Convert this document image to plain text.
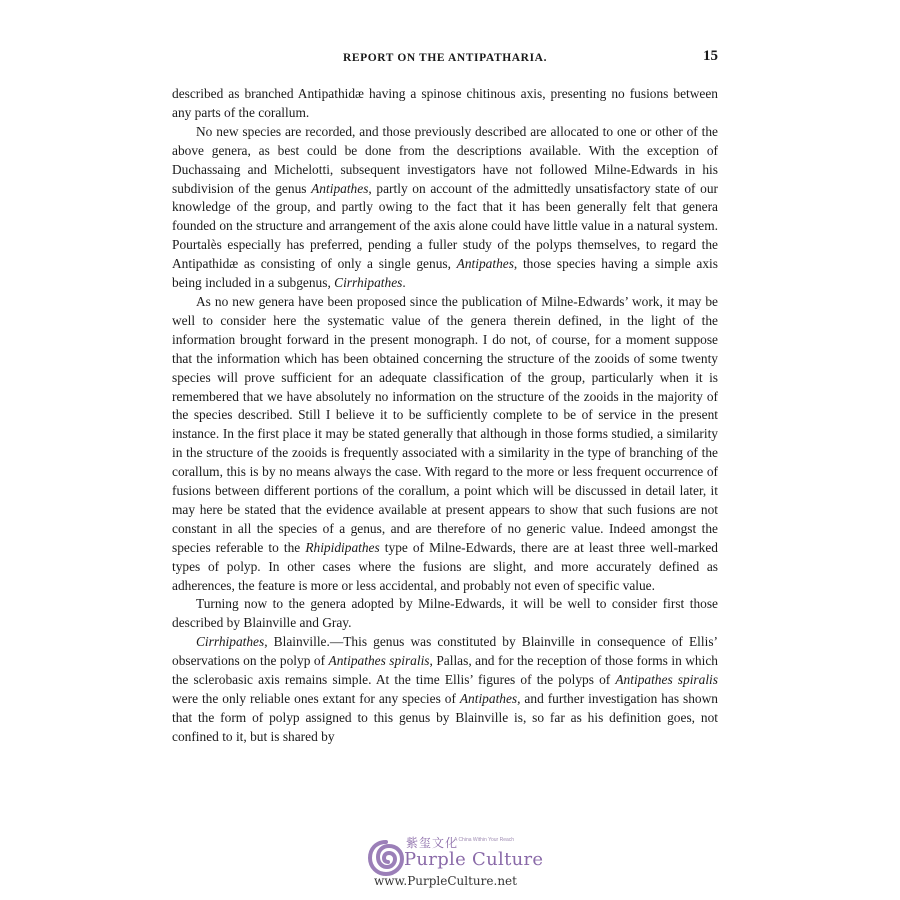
REPORT ON THE ANTIPATHARIA.	15

described as branched Antipathidæ having a spinose chitinous axis, presenting no fusions between any parts of the corallum.

No new species are recorded, and those previously described are allocated to one or other of the above genera, as best could be done from the descriptions available. With the exception of Duchassaing and Michelotti, subsequent investigators have not followed Milne-Edwards in his subdivision of the genus Antipathes, partly on account of the admittedly unsatisfactory state of our knowledge of the group, and partly owing to the fact that it has been generally felt that genera founded on the structure and arrangement of the axis alone could have little value in a natural system. Pourtalès especially has preferred, pending a fuller study of the polyps themselves, to regard the Antipathidæ as consisting of only a single genus, Antipathes, those species having a simple axis being included in a subgenus, Cirrhipathes.

As no new genera have been proposed since the publication of Milne-Edwards’ work, it may be well to consider here the systematic value of the genera therein defined, in the light of the information brought forward in the present monograph. I do not, of course, for a moment suppose that the information which has been obtained concerning the structure of the zooids of some twenty species will prove sufficient for an adequate classification of the group, particularly when it is remembered that we have absolutely no information on the structure of the zooids in the majority of the species described. Still I believe it to be sufficiently complete to be of service in the present instance. In the first place it may be stated generally that although in those forms studied, a similarity in the structure of the zooids is frequently associated with a similarity in the type of branching of the corallum, this is by no means always the case. With regard to the more or less frequent occurrence of fusions between different portions of the corallum, a point which will be discussed in detail later, it may here be stated that the evidence available at present appears to show that such fusions are not constant in all the species of a genus, and are therefore of no generic value. Indeed amongst the species referable to the Rhipidipathes type of Milne-Edwards, there are at least three well-marked types of polyp. In other cases where the fusions are slight, and more accurately defined as adherences, the feature is more or less accidental, and probably not even of specific value.

Turning now to the genera adopted by Milne-Edwards, it will be well to consider first those described by Blainville and Gray.

Cirrhipathes, Blainville.—This genus was constituted by Blainville in consequence of Ellis’ observations on the polyp of Antipathes spiralis, Pallas, and for the reception of those forms in which the sclerobasic axis remains simple. At the time Ellis’ figures of the polyps of Antipathes spiralis were the only reliable ones extant for any species of Antipathes, and further investigation has shown that the form of polyp assigned to this genus by Blainville is, so far as his definition goes, not confined to it, but is shared by

紫玺文化
A China Within Your Reach
Purple Culture
www.PurpleCulture.net
